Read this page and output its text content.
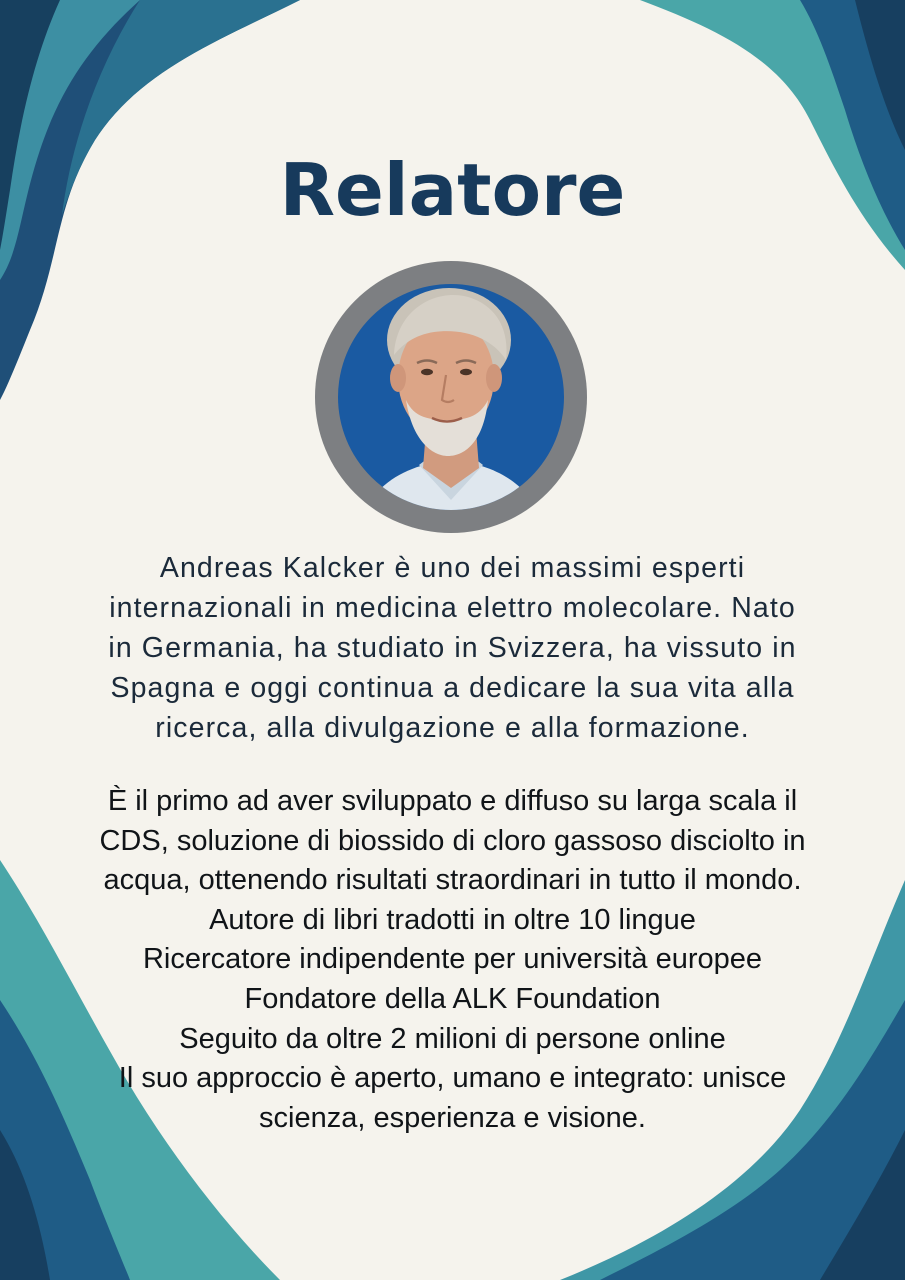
Relatore

Andreas Kalcker è uno dei massimi esperti
internazionali in medicina elettro molecolare. Nato
in Germania, ha studiato in Svizzera, ha vissuto in
Spagna e oggi continua a dedicare la sua vita alla
ricerca, alla divulgazione e alla formazione.

È il primo ad aver sviluppato e diffuso su larga scala il
CDS, soluzione di biossido di cloro gassoso disciolto in
acqua, ottenendo risultati straordinari in tutto il mondo.
Autore di libri tradotti in oltre 10 lingue
Ricercatore indipendente per università europee
Fondatore della ALK Foundation
Seguito da oltre 2 milioni di persone online
Il suo approccio è aperto, umano e integrato: unisce
scienza, esperienza e visione.
